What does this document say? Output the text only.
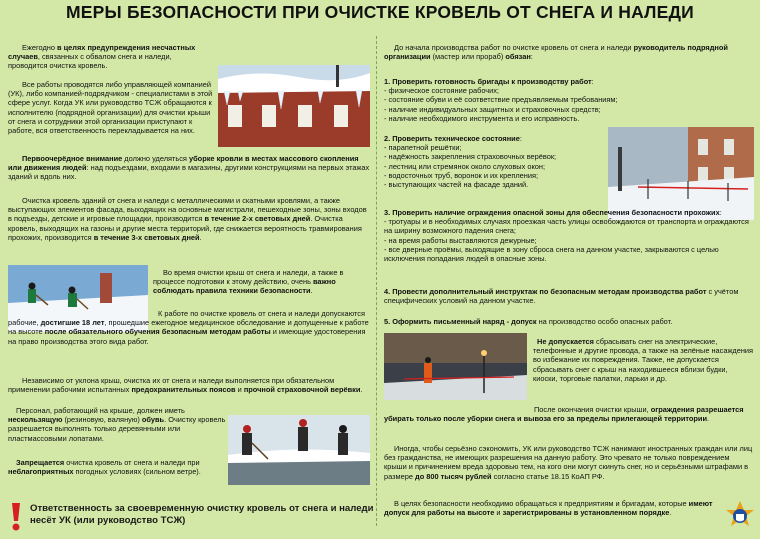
МЕРЫ БЕЗОПАСНОСТИ ПРИ ОЧИСТКЕ КРОВЕЛЬ ОТ СНЕГА И НАЛЕДИ

Ежегодно в целях предупреждения несчастных случаев, связанных с обвалом снега и наледи, проводится очистка кровель.

Все работы проводятся либо управляющей компанией (УК), либо компанией-подрядчиком - специалистами в этой сфере услуг. Когда УК или руководство ТСЖ обращаются к исполнителю (подрядной организации) для очистки крыши от снега и сотрудники этой организации приступают к работе, вся ответственность перекладывается на них.

Первоочерёдное внимание должно уделяться уборке кровли в местах массового скопления или движения людей: над подъездами, входами в магазины, другими конструкциями на первых этажах зданий и вдоль них.

Очистка кровель зданий от снега и наледи с металлическими и скатными кровлями, а также выступающих элементов фасада, выходящих на основные магистрали, пешеходные зоны, зоны входов в подъезды, детские и игровые площадки, производится в течение 2-х световых дней. Очистка кровель, выходящих на газоны и другие места территорий, где снижается вероятность травмирования прохожих, производится в течение 3-х световых дней.

Во время очистки крыш от снега и наледи, а также в процессе подготовки к этому действию, очень важно соблюдать правила техники безопасности.

К работе по очистке кровель от снега и наледи допускаются рабочие, достигшие 18 лет, прошедшие ежегодное медицинское обследование и допущенные к работе на высоте после обязательного обучения безопасным методам работы и имеющие удостоверения на право производства этого вида работ.

Независимо от уклона крыш, очистка их от снега и наледи выполняется при обязательном применении рабочими испытанных предохранительных поясов и прочной страховочной верёвки.

Персонал, работающий на крыше, должен иметь нескользящую (резиновую, валяную) обувь. Очистку кровель разрешается выполнять только деревянными или пластмассовыми лопатами.

Запрещается очистка кровель от снега и наледи при неблагоприятных погодных условиях (сильном ветре).

Ответственность за своевременную очистку кровель от снега и наледи несёт УК (или руководство ТСЖ)

До начала производства работ по очистке кровель от снега и наледи руководитель подрядной организации (мастер или прораб) обязан:

1. Проверить готовность бригады к производству работ:
- физическое состояние рабочих;
- состояние обуви и её соответствие предъявляемым требованиям;
- наличие индивидуальных защитных и страховочных средств;
- наличие необходимого инструмента и его исправность.

2. Проверить техническое состояние:
- парапетной решётки;
- надёжность закрепления страховочных верёвок;
- лестниц или стремянок около слуховых окон;
- водосточных труб, воронок и их крепления;
- выступающих частей на фасаде зданий.

3. Проверить наличие ограждения опасной зоны для обеспечения безопасности прохожих:
- тротуары и в необходимых случаях проезжая часть улицы освобождаются от транспорта и ограждаются на ширину возможного падения снега;
- на время работы выставляются дежурные;
- все дверные проёмы, выходящие в зону сброса снега на данном участке, закрываются с целью исключения попадания людей в опасные зоны.

4. Провести дополнительный инструктаж по безопасным методам производства работ с учётом специфических условий на данном участке.

5. Оформить письменный наряд - допуск на производство особо опасных работ.

Не допускается сбрасывать снег на электрические, телефонные и другие провода, а также на зелёные насаждения во избежание их повреждения. Также, не допускается сбрасывать снег с крыш на находившееся вблизи будки, киоски, торговые палатки, ларьки и др.

После окончания очистки крыши, ограждения разрешается убирать только после уборки снега и вывоза его за пределы прилегающей территории.

Иногда, чтобы серьёзно сэкономить, УК или руководство ТСЖ нанимают иностранных граждан или лиц без гражданства, не имеющих разрешения на данную работу. Это чревато не только повреждением крыши и причинением вреда здоровью тем, на кого они могут скинуть снег, но и серьёзными штрафами в размере до 800 тысяч рублей согласно статье 18.15 КоАП РФ.

В целях безопасности необходимо обращаться к предприятиям и бригадам, которые имеют допуск для работы на высоте и зарегистрированы в установленном порядке.
